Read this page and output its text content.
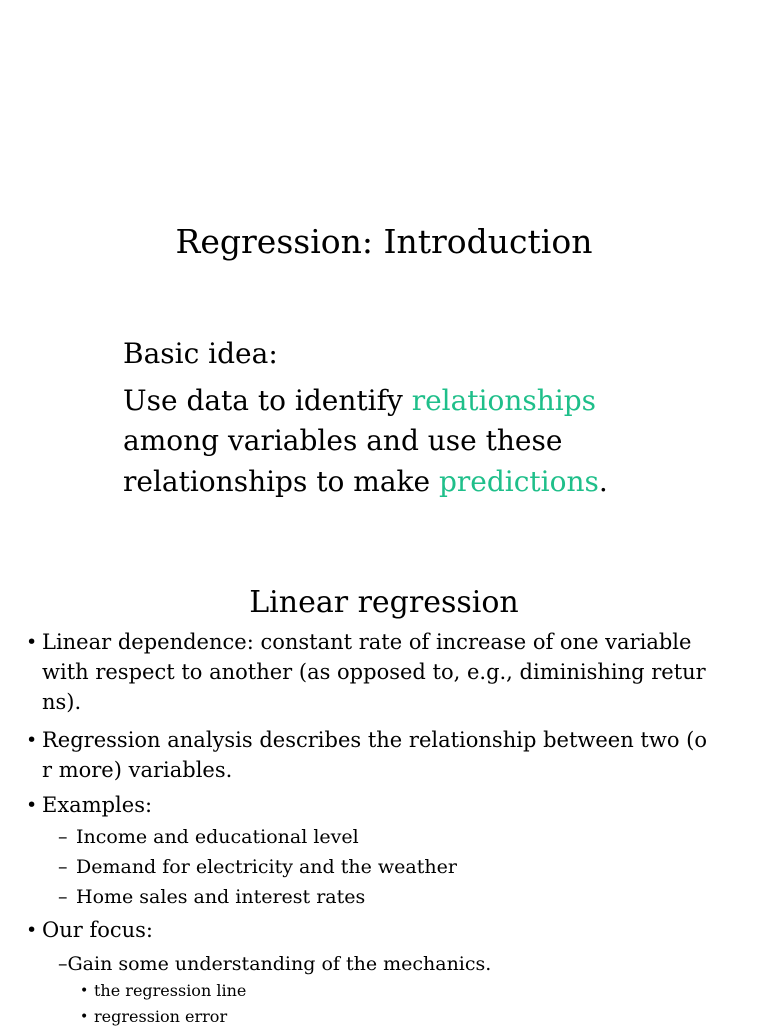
Regression: Introduction
Basic idea:
Use data to identify relationships
among variables and use these
relationships to make predictions.
Linear regression
• Linear dependence: constant rate of increase of one variable
with respect to another (as opposed to, e.g., diminishing retur
ns).
• Regression analysis describes the relationship between two (o
r more) variables.
• Examples:
– Income and educational level
– Demand for electricity and the weather
– Home sales and interest rates
• Our focus:
–Gain some understanding of the mechanics.
• the regression line
• regression error
